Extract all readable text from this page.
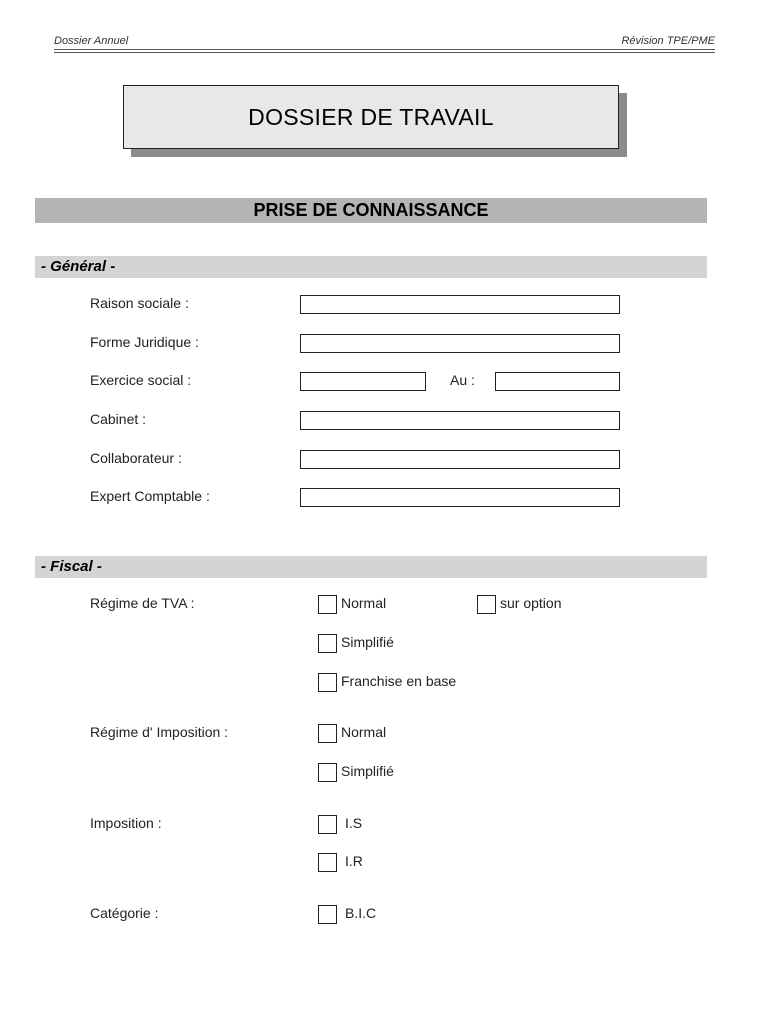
Dossier Annuel	Révision TPE/PME
DOSSIER DE TRAVAIL
PRISE DE CONNAISSANCE
- Général -
Raison sociale :
Forme Juridique :
Exercice social :	Au :
Cabinet :
Collaborateur :
Expert Comptable :
- Fiscal -
Régime de TVA :	Normal	sur option
Simplifié
Franchise en base
Régime d' Imposition :	Normal
Simplifié
Imposition :	I.S
I.R
Catégorie :	B.I.C
